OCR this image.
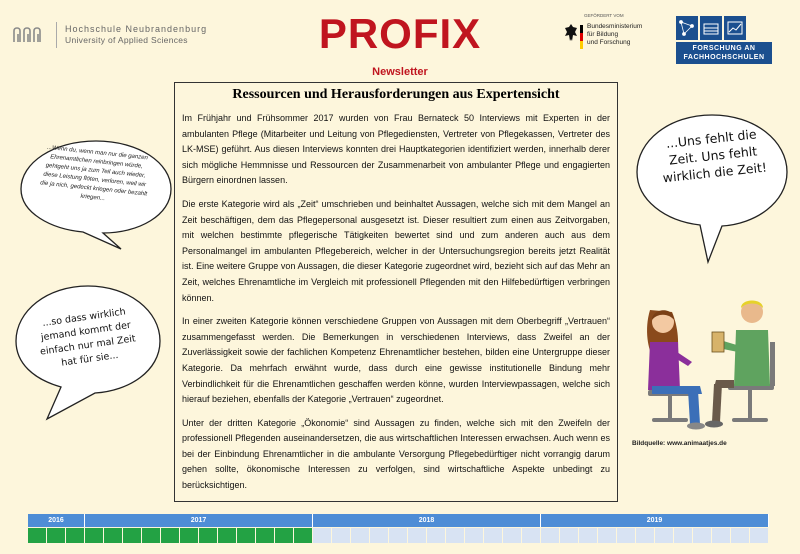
Hochschule Neubrandenburg
University of Applied Sciences	PROFIX
Newsletter
GEFÖRDERT VOM
Bundesministerium
für Bildung
und Forschung
FORSCHUNG AN
FACHHOCHSCHULEN
Ressourcen und Herausforderungen aus Expertensicht

Im Frühjahr und Frühsommer 2017 wurden von Frau Bernateck 50 Interviews mit Experten in der ambulanten Pflege (Mitarbeiter und Leitung von Pflegediensten, Vertreter von Pflegekassen, Vertreter des LK-MSE) geführt. Aus diesen Interviews konnten drei Hauptkategorien identifiziert werden, innerhalb derer sich mögliche Hemmnisse und Ressourcen der Zusammenarbeit von ambulanter Pflege und engagierten Bürgern einordnen lassen.

Die erste Kategorie wird als „Zeit“ umschrieben und beinhaltet Aussagen, welche sich mit dem Mangel an Zeit beschäftigen, dem das Pflegepersonal ausgesetzt ist. Dieser resultiert zum einen aus Zeitvorgaben, mit welchen bestimmte pflegerische Tätigkeiten bewertet sind und zum anderen auch aus dem Personalmangel im ambulanten Pflegebereich, welcher in der Untersuchungsregion bereits jetzt Realität ist. Eine weitere Gruppe von Aussagen, die dieser Kategorie zugeordnet wird, bezieht sich auf das Mehr an Zeit, welches Ehrenamtliche im Vergleich mit professionell Pflegenden mit den Hilfebedürftigen verbringen können.

In einer zweiten Kategorie können verschiedene Gruppen von Aussagen mit dem Oberbegriff „Vertrauen“ zusammengefasst werden. Die Bemerkungen in verschiedenen Interviews, dass Zweifel an der Zuverlässigkeit sowie der fachlichen Kompetenz Ehrenamtlicher bestehen, bilden eine Untergruppe dieser Kategorie. Da mehrfach erwähnt wurde, dass durch eine gewisse institutionelle Bindung mehr Verbindlichkeit für die Ehrenamtlichen geschaffen werden könne, wurden Interviewpassagen, welche sich hierauf beziehen, ebenfalls der Kategorie „Vertrauen“ zugeordnet.

Unter der dritten Kategorie „Ökonomie“ sind Aussagen zu finden, welche sich mit den Zweifeln der professionell Pflegenden auseinandersetzen, die aus wirtschaftlichen Interessen erwachsen. Auch wenn es bei der Einbindung Ehrenamtlicher in die ambulante Versorgung Pflegebedürftiger nicht vorrangig darum gehen sollte, ökonomische Interessen zu verfolgen, sind wirtschaftliche Aspekte unbedingt zu berücksichtigen.

...Wenn du, wenn man nur die ganzen Ehrenamtlichen reinbringen würde, gehtgeht uns ja zum Teil auch wieder, diese Leistung flöten, verloren, weil wir die ja nich, gedeckt kriegen oder bezahlt kriegen...
...Uns fehlt die Zeit. Uns fehlt wirklich die Zeit!
...so dass wirklich jemand kommt der einfach nur mal Zeit hat für sie...
Bildquelle: www.animaatjes.de
2016	2017	2018	2019
